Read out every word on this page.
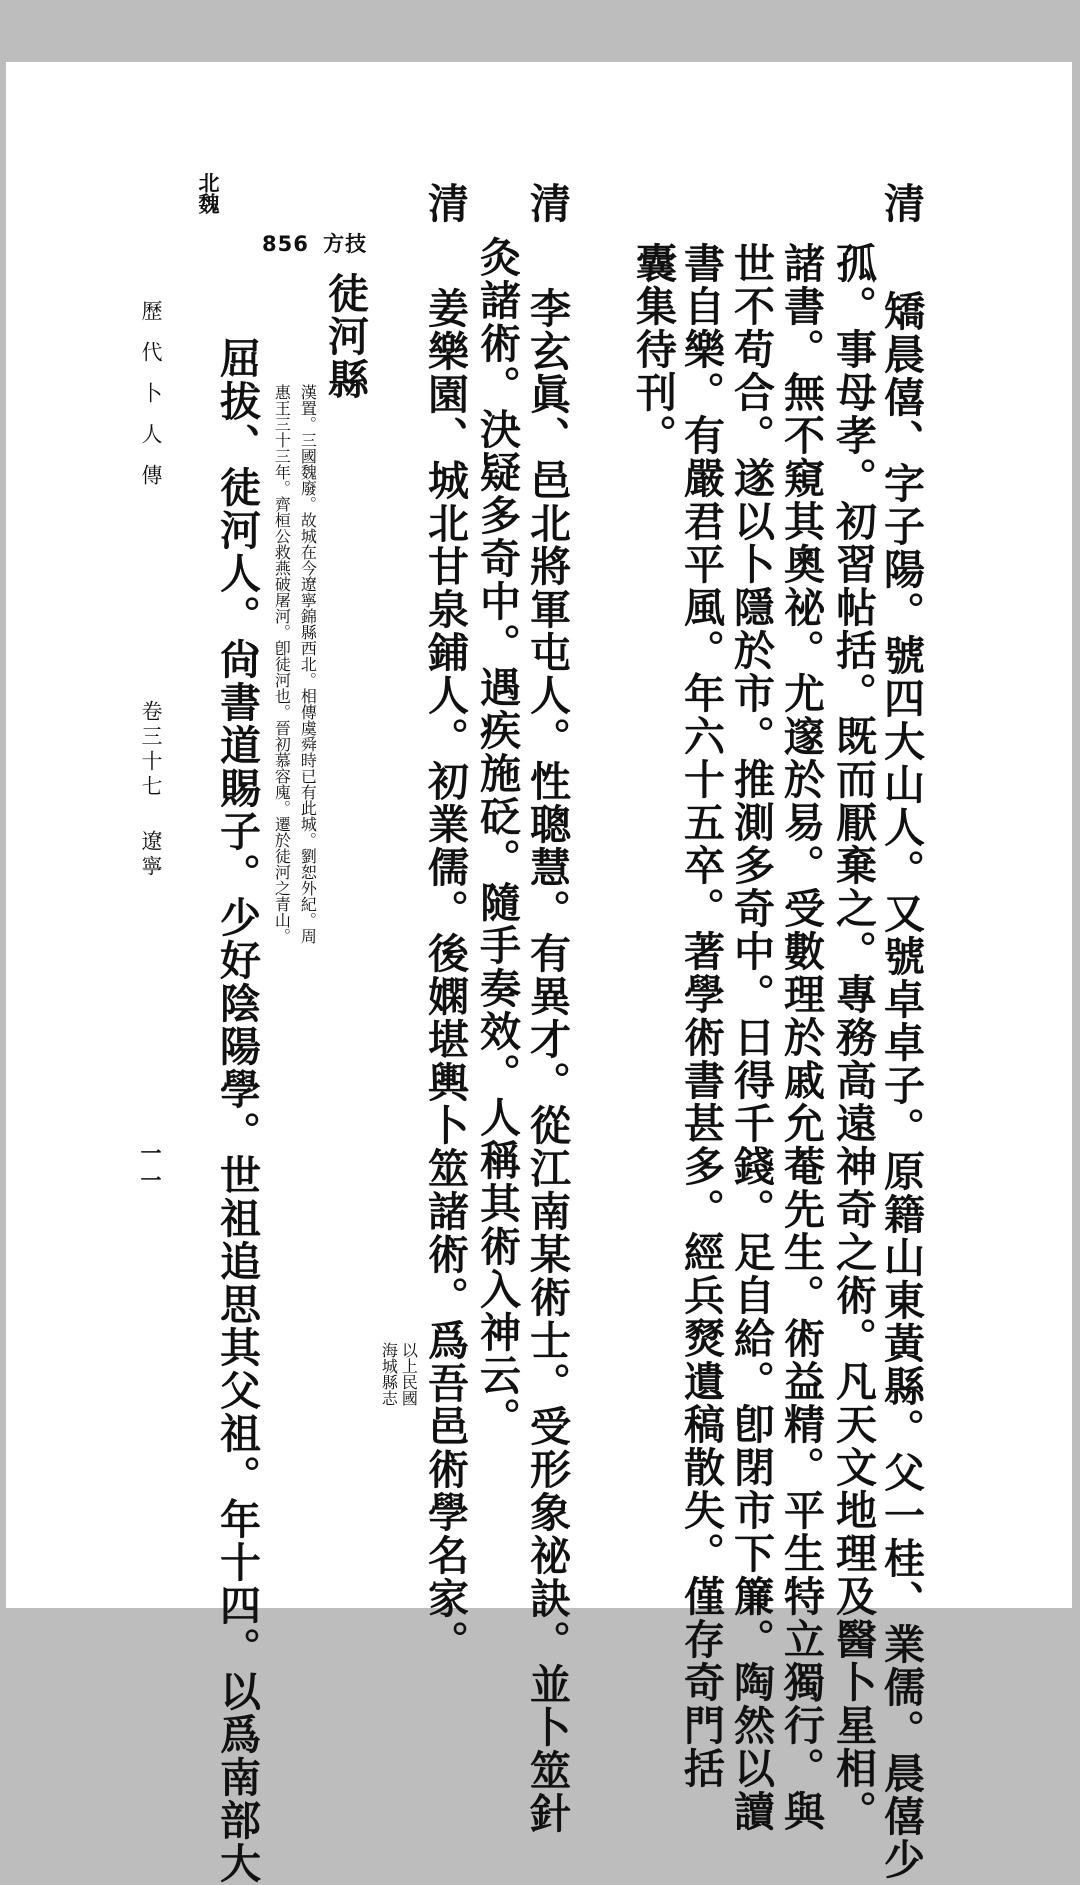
856 方技
清
矯晨僖、字子陽。號四大山人。又號卓卓子。原籍山東黃縣。父一桂、業儒。晨僖少
孤。事母孝。初習帖括。既而厭棄之。專務高遠神奇之術。凡天文地理及醫卜星相。
諸書。無不窺其奧祕。尤邃於易。受數理於戚允菴先生。術益精。平生特立獨行。與
世不苟合。遂以卜隱於市。推測多奇中。日得千錢。足自給。卽閉市下簾。陶然以讀
書自樂。有嚴君平風。年六十五卒。著學術書甚多。經兵燹遺稿散失。僅存奇門括
囊集待刊。
清
李玄眞、邑北將軍屯人。性聰慧。有異才。從江南某術士。受形象祕訣。並卜筮針
灸諸術。決疑多奇中。遇疾施砭。隨手奏效。人稱其術入神云。
清
姜樂園、城北甘泉鋪人。初業儒。後嫻堪輿卜筮諸術。爲吾邑術學名家。
以上民國
海城縣志
徒河縣
漢置。三國魏廢。故城在今遼寧錦縣西北。相傳虞舜時已有此城。劉恕外紀。周
惠王三十三年。齊桓公救燕破屠河。卽徒河也。晉初慕容廆。遷於徒河之青山。
北魏
屈拔、徒河人。尙書道賜子。少好陰陽學。世祖追思其父祖。年十四。以爲南部大
歷代卜人傳
卷三十七
遼寧
一一
